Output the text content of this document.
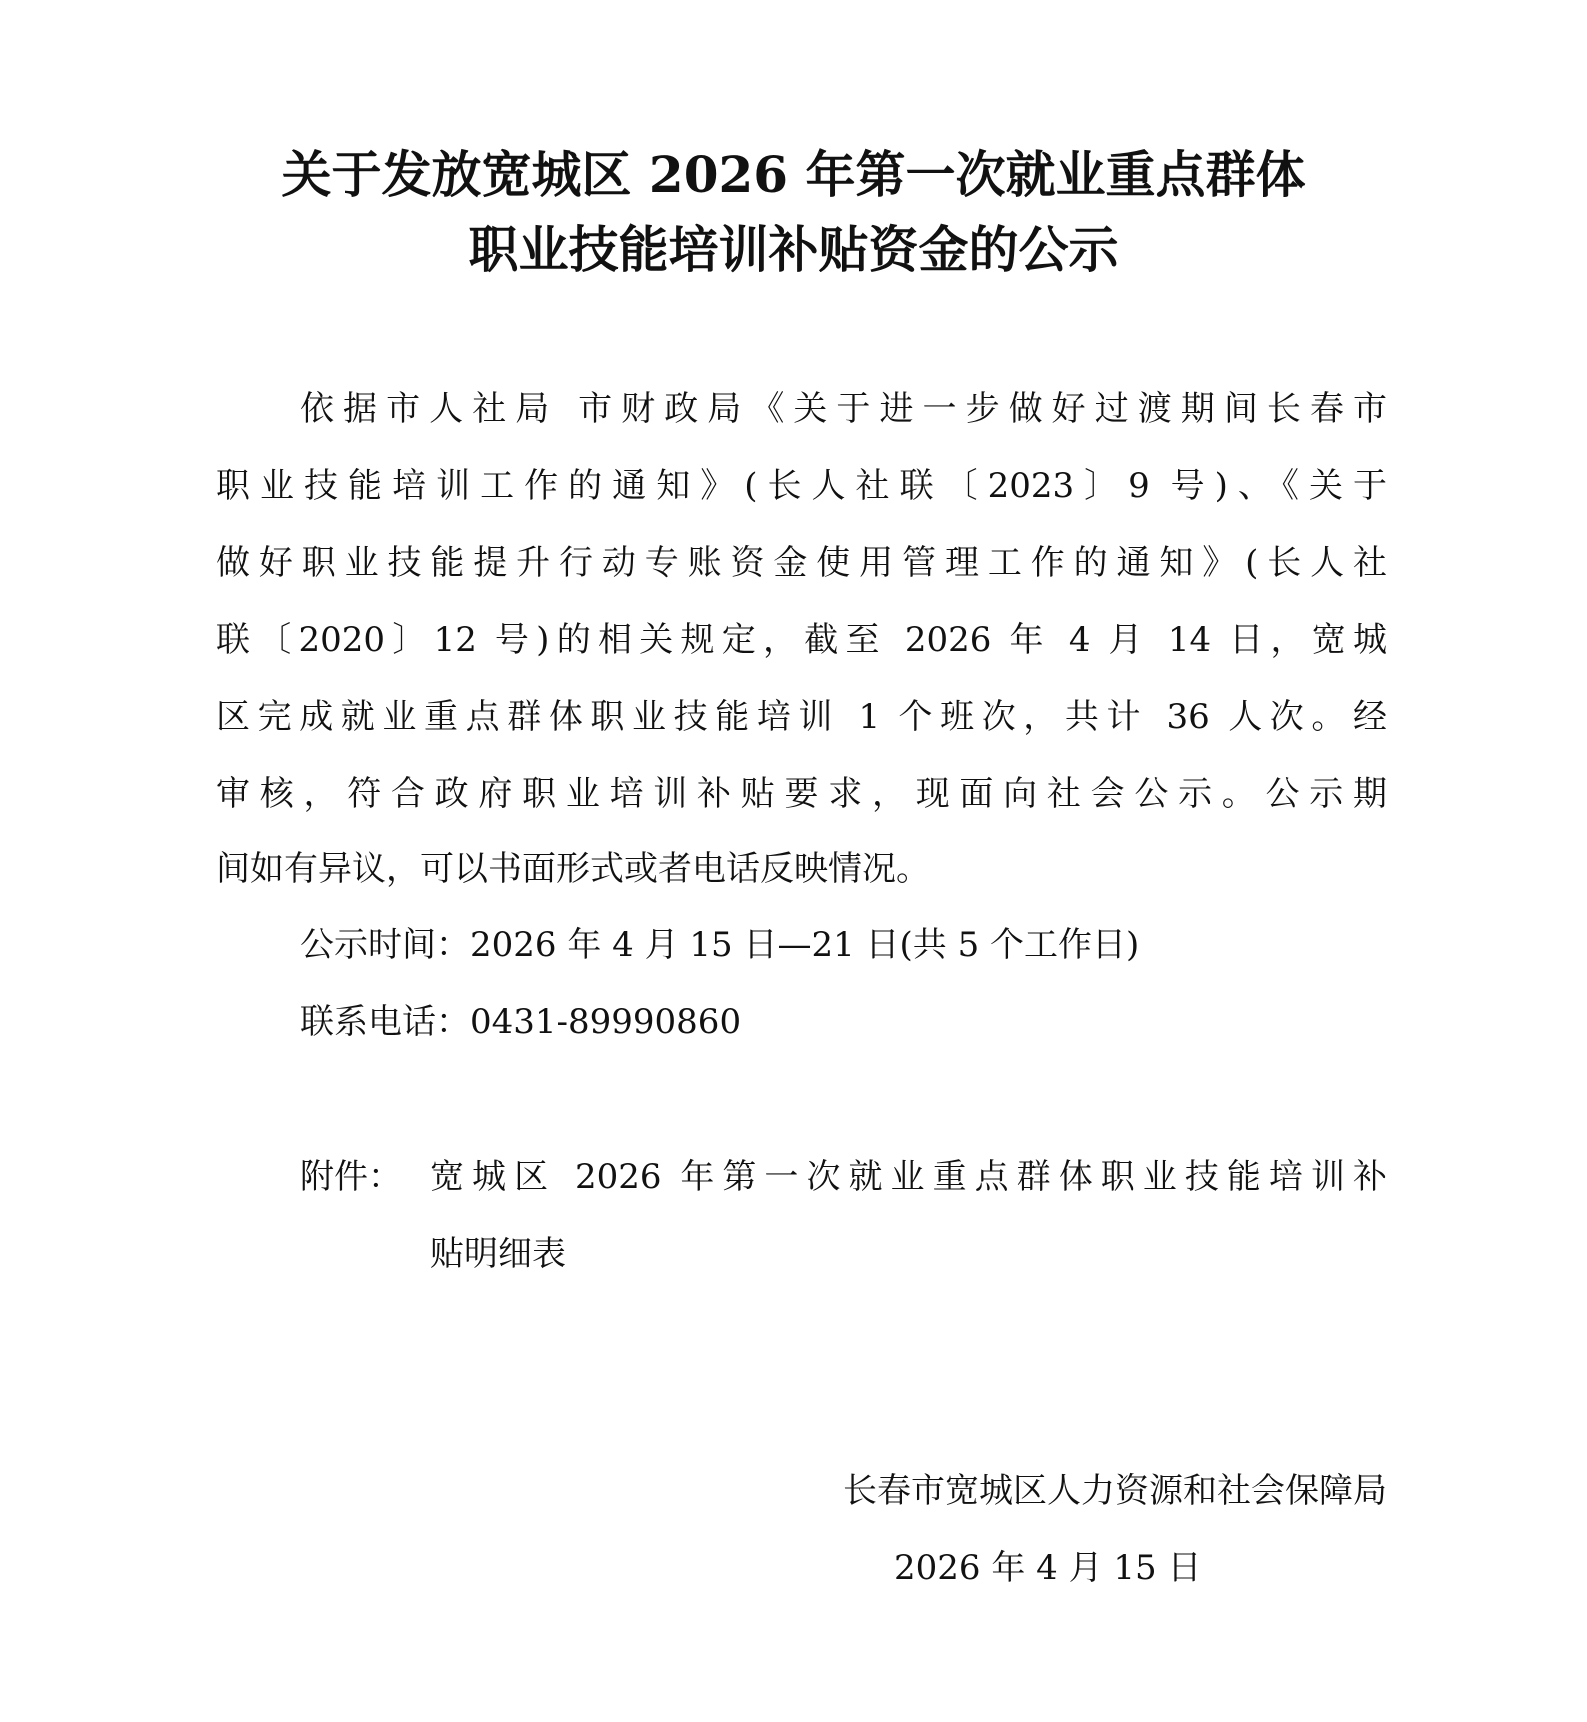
关于发放宽城区 2026 年第一次就业重点群体
职业技能培训补贴资金的公示
依据市人社局 市财政局《关于进一步做好过渡期间长春市
职业技能培训工作的通知》(长人社联〔2023〕9 号)、《关于
做好职业技能提升行动专账资金使用管理工作的通知》(长人社
联〔2020〕12 号)的相关规定，截至 2026 年 4 月 14 日，宽城
区完成就业重点群体职业技能培训 1 个班次，共计 36 人次。经
审核，符合政府职业培训补贴要求，现面向社会公示。公示期
间如有异议，可以书面形式或者电话反映情况。
公示时间：2026 年 4 月 15 日—21 日(共 5 个工作日)
联系电话：0431-89990860
附件： 宽城区 2026 年第一次就业重点群体职业技能培训补
贴明细表
长春市宽城区人力资源和社会保障局
2026 年 4 月 15 日
